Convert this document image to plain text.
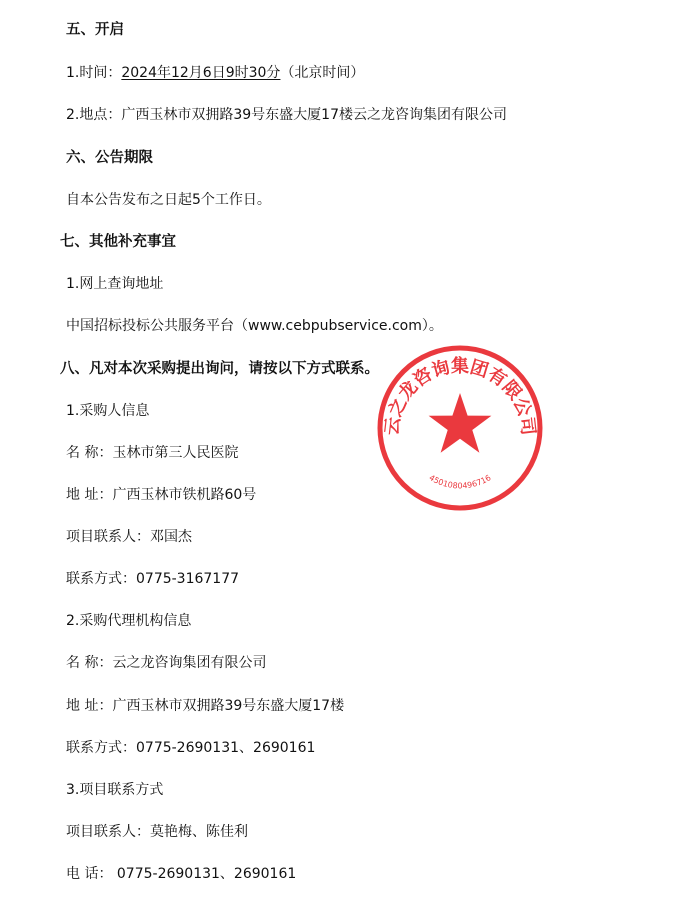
五、开启
1.时间：2024年12月6日9时30分（北京时间）
2.地点：广西玉林市双拥路39号东盛大厦17楼云之龙咨询集团有限公司
六、公告期限
自本公告发布之日起5个工作日。
七、其他补充事宜
1.网上查询地址
中国招标投标公共服务平台（www.cebpubservice.com）。
八、凡对本次采购提出询问，请按以下方式联系。
1.采购人信息
名 称：玉林市第三人民医院
地 址：广西玉林市铁机路60号
项目联系人：邓国杰
联系方式：0775-3167177
2.采购代理机构信息
名 称：云之龙咨询集团有限公司
地 址：广西玉林市双拥路39号东盛大厦17楼
联系方式：0775-2690131、2690161
3.项目联系方式
项目联系人：莫艳梅、陈佳利
电 话： 0775-2690131、2690161
云之龙咨询集团有限公司
4501080496716
